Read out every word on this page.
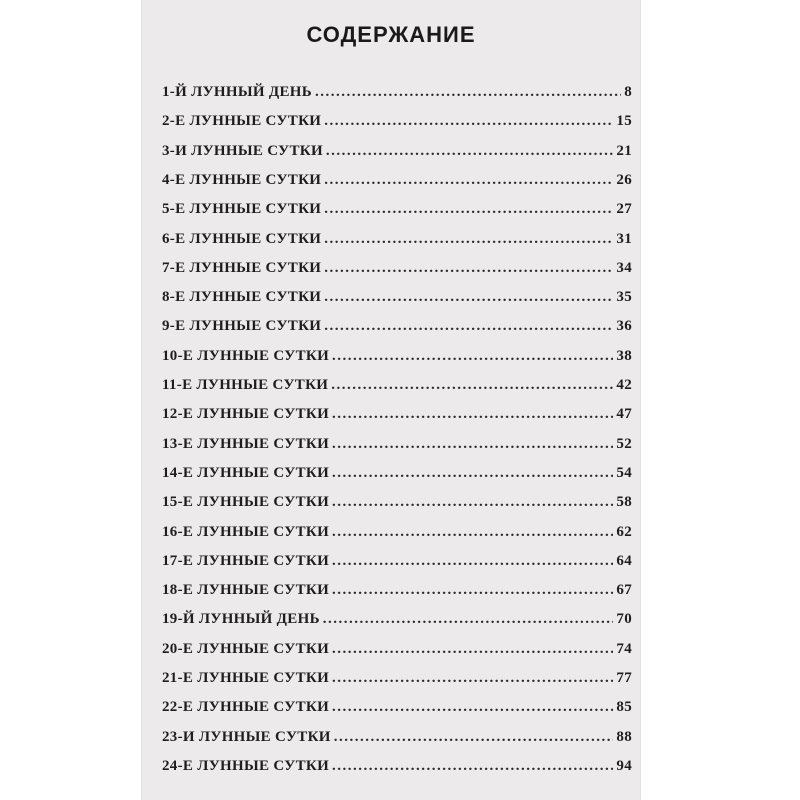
СОДЕРЖАНИЕ
1-Й ЛУННЫЙ ДЕНЬ .....	8
2-Е ЛУННЫЕ СУТКИ .....	15
3-И ЛУННЫЕ СУТКИ .....	21
4-Е ЛУННЫЕ СУТКИ .....	26
5-Е ЛУННЫЕ СУТКИ .....	27
6-Е ЛУННЫЕ СУТКИ .....	31
7-Е ЛУННЫЕ СУТКИ .....	34
8-Е ЛУННЫЕ СУТКИ .....	35
9-Е ЛУННЫЕ СУТКИ .....	36
10-Е ЛУННЫЕ СУТКИ .....	38
11-Е ЛУННЫЕ СУТКИ .....	42
12-Е ЛУННЫЕ СУТКИ .....	47
13-Е ЛУННЫЕ СУТКИ .....	52
14-Е ЛУННЫЕ СУТКИ .....	54
15-Е ЛУННЫЕ СУТКИ .....	58
16-Е ЛУННЫЕ СУТКИ .....	62
17-Е ЛУННЫЕ СУТКИ .....	64
18-Е ЛУННЫЕ СУТКИ .....	67
19-Й ЛУННЫЙ ДЕНЬ .....	70
20-Е ЛУННЫЕ СУТКИ .....	74
21-Е ЛУННЫЕ СУТКИ .....	77
22-Е ЛУННЫЕ СУТКИ .....	85
23-И ЛУННЫЕ СУТКИ .....	88
24-Е ЛУННЫЕ СУТКИ .....	94
